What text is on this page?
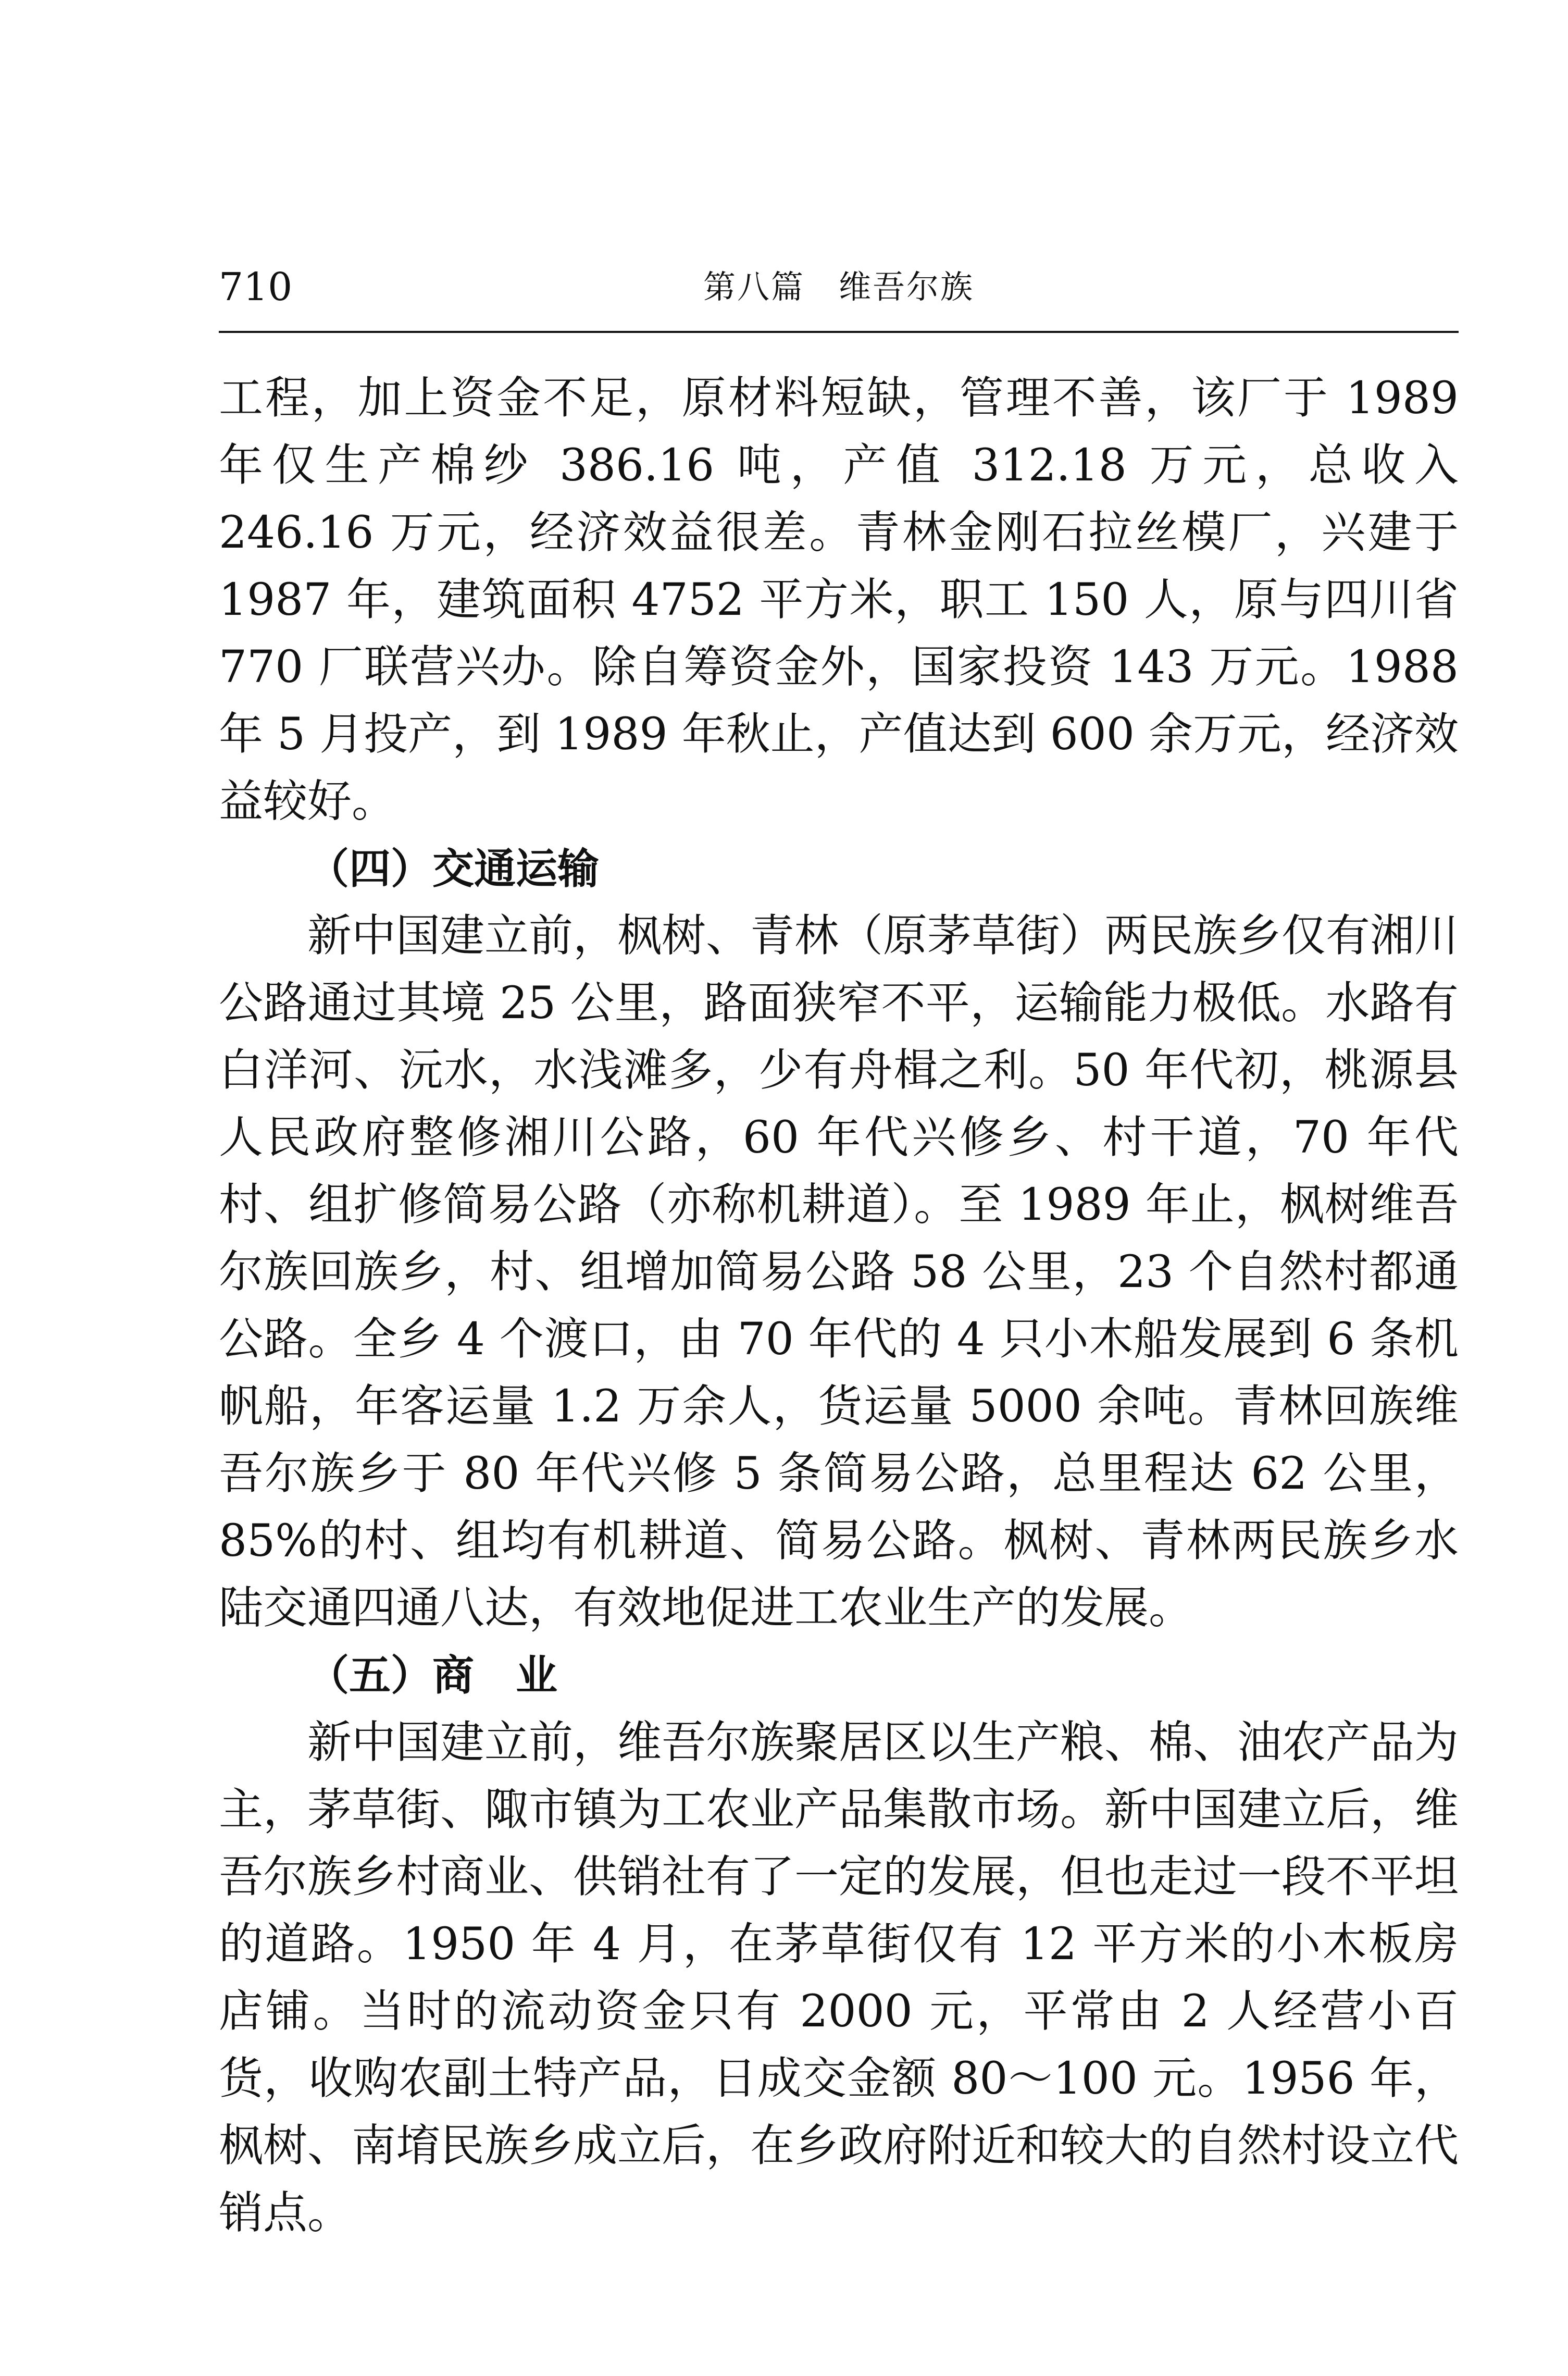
710	第八篇　维吾尔族

工程，加上资金不足，原材料短缺，管理不善，该厂于 1989 年仅生产棉纱 386.16 吨，产值 312.18 万元，总收入 246.16 万元，经济效益很差。青林金刚石拉丝模厂，兴建于 1987 年，建筑面积 4752 平方米，职工 150 人，原与四川省 770 厂联营兴办。除自筹资金外，国家投资 143 万元。1988 年 5 月投产，到 1989 年秋止，产值达到 600 余万元，经济效益较好。

（四）交通运输

新中国建立前，枫树、青林（原茅草街）两民族乡仅有湘川公路通过其境 25 公里，路面狭窄不平，运输能力极低。水路有白洋河、沅水，水浅滩多，少有舟楫之利。50 年代初，桃源县人民政府整修湘川公路，60 年代兴修乡、村干道，70 年代村、组扩修简易公路（亦称机耕道）。至 1989 年止，枫树维吾尔族回族乡，村、组增加简易公路 58 公里，23 个自然村都通公路。全乡 4 个渡口，由 70 年代的 4 只小木船发展到 6 条机帆船，年客运量 1.2 万余人，货运量 5000 余吨。青林回族维吾尔族乡于 80 年代兴修 5 条简易公路，总里程达 62 公里，85%的村、组均有机耕道、简易公路。枫树、青林两民族乡水陆交通四通八达，有效地促进工农业生产的发展。

（五）商　业

新中国建立前，维吾尔族聚居区以生产粮、棉、油农产品为主，茅草街、陬市镇为工农业产品集散市场。新中国建立后，维吾尔族乡村商业、供销社有了一定的发展，但也走过一段不平坦的道路。1950 年 4 月，在茅草街仅有 12 平方米的小木板房店铺。当时的流动资金只有 2000 元，平常由 2 人经营小百货，收购农副土特产品，日成交金额 80～100 元。1956 年，枫树、南堉民族乡成立后，在乡政府附近和较大的自然村设立代销点。
